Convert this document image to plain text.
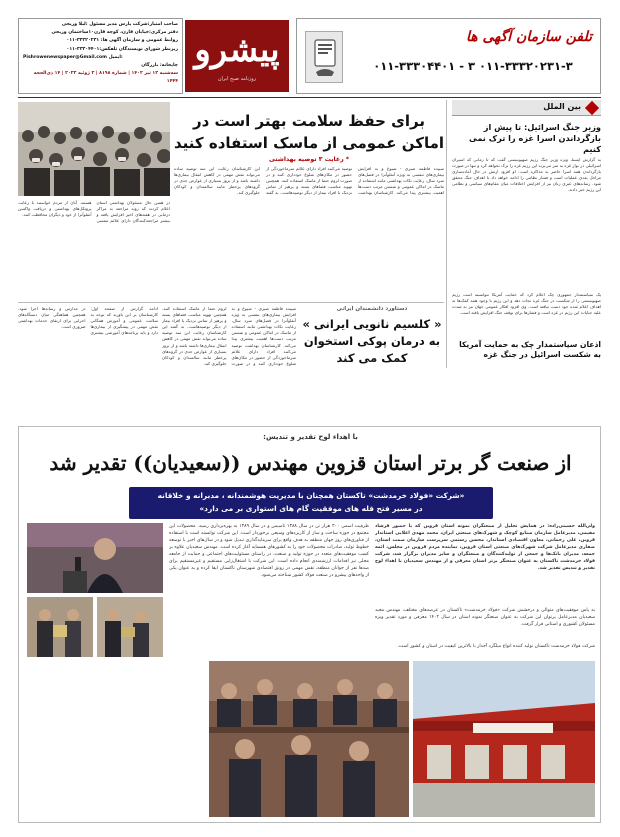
پیشرو
روزنامه صبح ایران
صاحب امتیاز:شرکت پارس مدیر مسئول :لیلا وریحی
دفتر مرکزی:خیابان قارن، کوچه قارن۱۰ساختمان وریحی
روابط عمومی و سازمان آگهی ها: ۳۳۲۲۰۲۳۱-۰۱۱
زیرنظر شورای نویسندگان تلفکس:۳۳۳۰۴۴۰۱-۰۱۱
Pishrowenewspaper@Gmail.com ایمیل:
چاپخانه: بازرگان
سه‌شنبه ۱۲ تیر ۱۴۰۲ | شماره ۸۱۹۸ | ۳ ژوئیه ۲۰۲۳ | ۱۴ ذی‌الحجه ۱۴۴۴
تلفن سازمان آگهی ها
۰۱۱-۳۳۳۰۴۴۰۱ - ۳ ۰۱۱-۳۳۳۲۰۲۳۱-۳
بین الملل
وزیر جنگ اسرائیل: تا پیش از بازگرداندن اسرا غزه را ترک نمی کنیم
به گزارش ایسنا، ویژه وزیر جنگ رژیم صهیونیستی گفت که تا زمانی که اسیران اسرائیلی در نوار غزه به سر می‌برند این رژیم غزه را ترک نخواهد کرد و تنها در صورت بازگرداندن همه اسرا حاضر به مذاکره است. او افزود ارتش در حال آماده‌سازی مراحل بعدی عملیات است و فشار نظامی را ادامه خواهد داد تا اهداف جنگ محقق شود. رسانه‌های عبری زبان نیز از افزایش اختلافات میان مقام‌های سیاسی و نظامی این رژیم خبر دادند.
اذعان سیاستمدار چک به حمایت آمریکا به شکست اسرائیل در جنگ غزه
یک سیاستمدار جمهوری چک اعلام کرد که حمایت آمریکا نتوانسته است رژیم صهیونیستی را از شکست در جنگ غزه نجات دهد و این رژیم با وجود همه کمک‌ها به اهداف اعلام شده خود دست نیافته است. وی افزود افکار عمومی جهان نیز به شدت علیه جنایات این رژیم در غزه است و فشارها برای توقف جنگ افزایش یافته است.
برای حفظ سلامت بهتر است در اماکن عمومی از ماسک استفاده کنید
* رعایت ۳ توصیه بهداشتی
سپیده فاطمه صبری - شیوع و به افزایش بیماری‌های تنفسی به ویژه آنفلوآنزا در فصل‌های سرد سال، رعایت نکات بهداشتی مانند استفاده از ماسک در اماکن عمومی و شستن مرتب دست‌ها اهمیت بیشتری پیدا می‌کند. کارشناسان بهداشت توصیه می‌کنند افراد دارای علائم سرماخوردگی از حضور در مکان‌های شلوغ خودداری کنند و در صورت لزوم حتما از ماسک استفاده کنند. همچنین تهویه مناسب فضاهای بسته و پرهیز از تماس نزدیک با افراد بیمار از دیگر توصیه‌هاست. به گفته این کارشناسان رعایت این سه توصیه ساده می‌تواند نقش مهمی در کاهش انتقال بیماری‌ها داشته باشد و از بروز بسیاری از عوارض جدی در گروه‌های پرخطر مانند سالمندان و کودکان جلوگیری کند.
در همین حال مسئولان بهداشتی استان اعلام کردند که روند مراجعه به مراکز درمانی در هفته‌های اخیر افزایش یافته و بیشتر مراجعه‌کنندگان دارای علائم تنفسی هستند. آنان از مردم خواستند با رعایت پروتکل‌های بهداشتی و دریافت واکسن آنفلوآنزا از خود و دیگران محافظت کنند.
دستاورد دانشمندان ایرانی
« کلسیم نانویی ایرانی » به درمان پوکی استخوان کمک می کند
سپیده فاطمه صبری - شیوع و به افزایش بیماری‌های تنفسی به ویژه آنفلوآنزا در فصل‌های سرد سال، رعایت نکات بهداشتی مانند استفاده از ماسک در اماکن عمومی و شستن مرتب دست‌ها اهمیت بیشتری پیدا می‌کند. کارشناسان بهداشت توصیه می‌کنند افراد دارای علائم سرماخوردگی از حضور در مکان‌های شلوغ خودداری کنند و در صورت لزوم حتما از ماسک استفاده کنند. همچنین تهویه مناسب فضاهای بسته و پرهیز از تماس نزدیک با افراد بیمار از دیگر توصیه‌هاست. به گفته این کارشناسان رعایت این سه توصیه ساده می‌تواند نقش مهمی در کاهش انتقال بیماری‌ها داشته باشد و از بروز بسیاری از عوارض جدی در گروه‌های پرخطر مانند سالمندان و کودکان جلوگیری کند.
ادامه گزارش از صفحه اول: کارشناسان بر این باورند که توجه به سلامت عمومی و آموزش همگانی نقش مهمی در پیشگیری از بیماری‌ها دارد و باید برنامه‌های آموزشی بیشتری در مدارس و رسانه‌ها اجرا شود. همچنین هماهنگی میان دستگاه‌های اجرایی برای ارتقای خدمات بهداشتی ضروری است.
با اهداء لوح تقدیر و تندیس:
از صنعت گر برتر استان قزوین مهندس ((سعیدیان)) تقدیر شد
«شرکت «فولاد خرمدشت» تاکستان همچنان با مدیریت هوشمندانه ، مدبرانه و خلاقانه
در مسیر فتح قله های موفقیت گام های استواری بر می دارد»
ظرفیت اسمی ۳۰۰ هزار تن در سال ۱۳۸۸ تاسیس و در سال ۱۳۸۹ به بهره‌برداری رسید. محصولات این مجتمع در حوزه ساخت و ساز از کاربردهای وسیعی برخوردار است. این شرکت توانسته است با استفاده از فناوری‌های روز جهان منطقه به هدف واقع برای سرمایه‌گذاری تبدیل شود و در سال‌های اخیر با توسعه خطوط تولید، صادرات محصولات خود را به کشورهای همسایه آغاز کرده است. مهندس سعیدیان علاوه بر کسب موفقیت‌های متعدد در حوزه تولید و صنعت، در راستای مسئولیت‌های اجتماعی و حمایت از جامعه محلی نیز اقدامات ارزشمندی انجام داده است. این شرکت با اشتغال‌زایی مستقیم و غیرمستقیم برای صدها نفر از جوانان منطقه، نقش مهمی در رونق اقتصادی شهرستان تاکستان ایفا کرده و به عنوان یکی از واحدهای پیشرو در صنعت فولاد کشور شناخته می‌شود.
ولی‌الله حسینی‌زاده: در همایش تجلیل از صنعتگران نمونه استان قزوین که با حضور فرشاد مقیمی، مدیرعامل سازمان صنایع کوچک و شهرک‌های صنعتی ایران، محمد مهدی اعلایی استاندار قزوین، علی رحمانی، معاون اقتصادی استاندار، محسن رستمی سرپرست سازمان صمت استان، صفاری مدیرعامل شرکت شهرک‌های صنعتی استان قزوین، نماینده مردم قزوین در مجلس، ائمه جمعه، مدیران بانک‌ها و جمعی از تولیدکنندگان و صنعتگران و سایر مدیران برگزار شد، شرکت فولاد خرمدشت تاکستان به عنوان صنعتگر برتر استان معرفی و از مهندس سعیدیان با اهداء لوح تقدیر و تندیس تقدیر شد.
به پاس موفقیت‌های متوالی و درخشش شرکت «فولاد خرمدشت» تاکستان در عرصه‌های مختلف، مهندس مجید سعیدیان مدیرعامل پرتوان این شرکت به عنوان صنعتگر نمونه استان در سال ۱۴۰۲ معرفی و مورد تقدیر ویژه مسئولان کشوری و استانی قرار گرفت.
شرکت فولاد خرمدشت تاکستان تولید کننده انواع میلگرد آجدار با بالاترین کیفیت در استان و کشور است.
